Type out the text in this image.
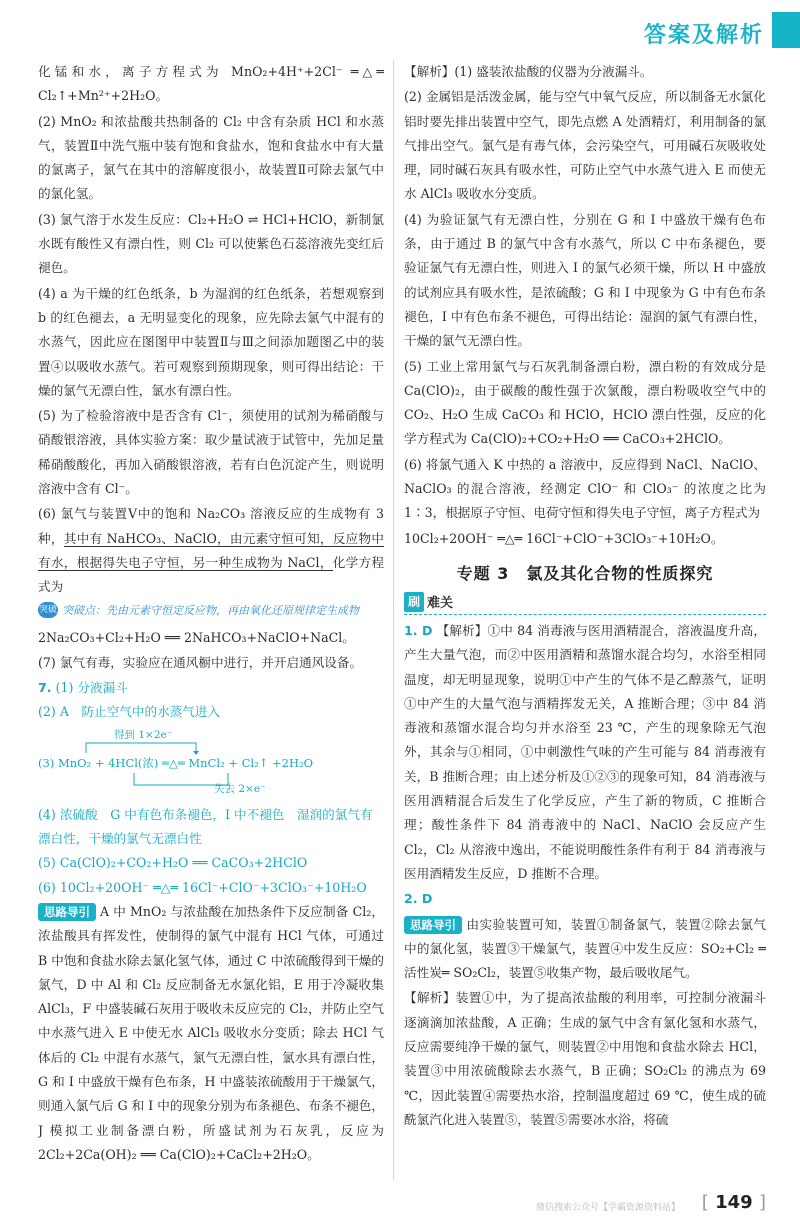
答案及解析

化锰和水，离子方程式为 MnO₂+4H⁺+2Cl⁻ ═△═ Cl₂↑+Mn²⁺+2H₂O。

(2) MnO₂ 和浓盐酸共热制备的 Cl₂ 中含有杂质 HCl 和水蒸气，装置Ⅱ中洗气瓶中装有饱和食盐水，饱和食盐水中有大量的氯离子，氯气在其中的溶解度很小，故装置Ⅱ可除去氯气中的氯化氢。

(3) 氯气溶于水发生反应：Cl₂+H₂O ⇌ HCl+HClO，新制氯水既有酸性又有漂白性，则 Cl₂ 可以使紫色石蕊溶液先变红后褪色。

(4) a 为干燥的红色纸条，b 为湿润的红色纸条，若想观察到 b 的红色褪去，a 无明显变化的现象，应先除去氯气中混有的水蒸气，因此应在图图甲中装置Ⅱ与Ⅲ之间添加题图乙中的装置④以吸收水蒸气。若可观察到预期现象，则可得出结论：干燥的氯气无漂白性，氯水有漂白性。

(5) 为了检验溶液中是否含有 Cl⁻，须使用的试剂为稀硝酸与硝酸银溶液，具体实验方案：取少量试液于试管中，先加足量稀硝酸酸化，再加入硝酸银溶液，若有白色沉淀产生，则说明溶液中含有 Cl⁻。

(6) 氯气与装置Ⅴ中的饱和 Na₂CO₃ 溶液反应的生成物有 3 种，其中有 NaHCO₃、NaClO，由元素守恒可知，反应物中有水，根据得失电子守恒，另一种生成物为 NaCl，化学方程式为

突破点
突破点：先由元素守恒定反应物，再由氧化还原规律定生成物

2Na₂CO₃+Cl₂+H₂O ══ 2NaHCO₃+NaClO+NaCl。

(7) 氯气有毒，实验应在通风橱中进行，并开启通风设备。

7. (1) 分液漏斗

(2) A　防止空气中的水蒸气进入

得到 1×2e⁻
(3) MnO₂ + 4HCl(浓) ═△═ MnCl₂ + Cl₂↑ +2H₂O
失去 2×e⁻

(4) 浓硫酸　G 中有色布条褪色，I 中不褪色　湿润的氯气有漂白性，干燥的氯气无漂白性

(5) Ca(ClO)₂+CO₂+H₂O ══ CaCO₃+2HClO

(6) 10Cl₂+20OH⁻ ═△═ 16Cl⁻+ClO⁻+3ClO₃⁻+10H₂O

思路导引 A 中 MnO₂ 与浓盐酸在加热条件下反应制备 Cl₂，浓盐酸具有挥发性，使制得的氯气中混有 HCl 气体，可通过 B 中饱和食盐水除去氯化氢气体，通过 C 中浓硫酸得到干燥的氯气，D 中 Al 和 Cl₂ 反应制备无水氯化铝，E 用于冷凝收集 AlCl₃，F 中盛装碱石灰用于吸收未反应完的 Cl₂，并防止空气中水蒸气进入 E 中使无水 AlCl₃ 吸收水分变质；除去 HCl 气体后的 Cl₂ 中混有水蒸气，氯气无漂白性，氯水具有漂白性，G 和 I 中盛放干燥有色布条，H 中盛装浓硫酸用于干燥氯气，则通入氯气后 G 和 I 中的现象分别为布条褪色、布条不褪色，J 模拟工业制备漂白粉，所盛试剂为石灰乳，反应为 2Cl₂+2Ca(OH)₂ ══ Ca(ClO)₂+CaCl₂+2H₂O。

【解析】(1) 盛装浓盐酸的仪器为分液漏斗。

(2) 金属铝是活泼金属，能与空气中氧气反应，所以制备无水氯化铝时要先排出装置中空气，即先点燃 A 处酒精灯，利用制备的氯气排出空气。氯气是有毒气体，会污染空气，可用碱石灰吸收处理，同时碱石灰具有吸水性，可防止空气中水蒸气进入 E 而使无水 AlCl₃ 吸收水分变质。

(4) 为验证氯气有无漂白性，分别在 G 和 I 中盛放干燥有色布条，由于通过 B 的氯气中含有水蒸气，所以 C 中布条褪色，要验证氯气有无漂白性，则进入 I 的氯气必须干燥，所以 H 中盛放的试剂应具有吸水性，是浓硫酸；G 和 I 中现象为 G 中有色布条褪色，I 中有色布条不褪色，可得出结论：湿润的氯气有漂白性，干燥的氯气无漂白性。

(5) 工业上常用氯气与石灰乳制备漂白粉，漂白粉的有效成分是 Ca(ClO)₂，由于碳酸的酸性强于次氯酸，漂白粉吸收空气中的 CO₂、H₂O 生成 CaCO₃ 和 HClO，HClO 漂白性强，反应的化学方程式为 Ca(ClO)₂+CO₂+H₂O ══ CaCO₃+2HClO。

(6) 将氯气通入 K 中热的 a 溶液中，反应得到 NaCl、NaClO、NaClO₃ 的混合溶液，经测定 ClO⁻ 和 ClO₃⁻ 的浓度之比为 1∶3，根据原子守恒、电荷守恒和得失电子守恒，离子方程式为

10Cl₂+20OH⁻ ═△═ 16Cl⁻+ClO⁻+3ClO₃⁻+10H₂O。

专题 3　氯及其化合物的性质探究
刷 难关

1. D 【解析】①中 84 消毒液与医用酒精混合，溶液温度升高，产生大量气泡，而②中医用酒精和蒸馏水混合均匀，水浴至相同温度，却无明显现象，说明①中产生的气体不是乙醇蒸气，证明①中产生的大量气泡与酒精挥发无关，A 推断合理；③中 84 消毒液和蒸馏水混合均匀并水浴至 23 ℃，产生的现象除无气泡外，其余与①相同，①中刺激性气味的产生可能与 84 消毒液有关，B 推断合理；由上述分析及①②③的现象可知，84 消毒液与医用酒精混合后发生了化学反应，产生了新的物质，C 推断合理；酸性条件下 84 消毒液中的 NaCl、NaClO 会反应产生 Cl₂，Cl₂ 从溶液中逸出，不能说明酸性条件有利于 84 消毒液与医用酒精发生反应，D 推断不合理。

2. D

思路导引 由实验装置可知，装置①制备氯气，装置②除去氯气中的氯化氢，装置③干燥氯气，装置④中发生反应：SO₂+Cl₂ ═活性炭═ SO₂Cl₂，装置⑤收集产物，最后吸收尾气。

【解析】装置①中，为了提高浓盐酸的利用率，可控制分液漏斗逐滴滴加浓盐酸，A 正确；生成的氯气中含有氯化氢和水蒸气，反应需要纯净干燥的氯气，则装置②中用饱和食盐水除去 HCl，装置③中用浓硫酸除去水蒸气，B 正确；SO₂Cl₂ 的沸点为 69 ℃，因此装置④需要热水浴，控制温度超过 69 ℃，使生成的硫酰氯汽化进入装置⑤，装置⑤需要冰水浴，将硫

微信搜索公众号【学霸资源资料站】 [ 149 ]
